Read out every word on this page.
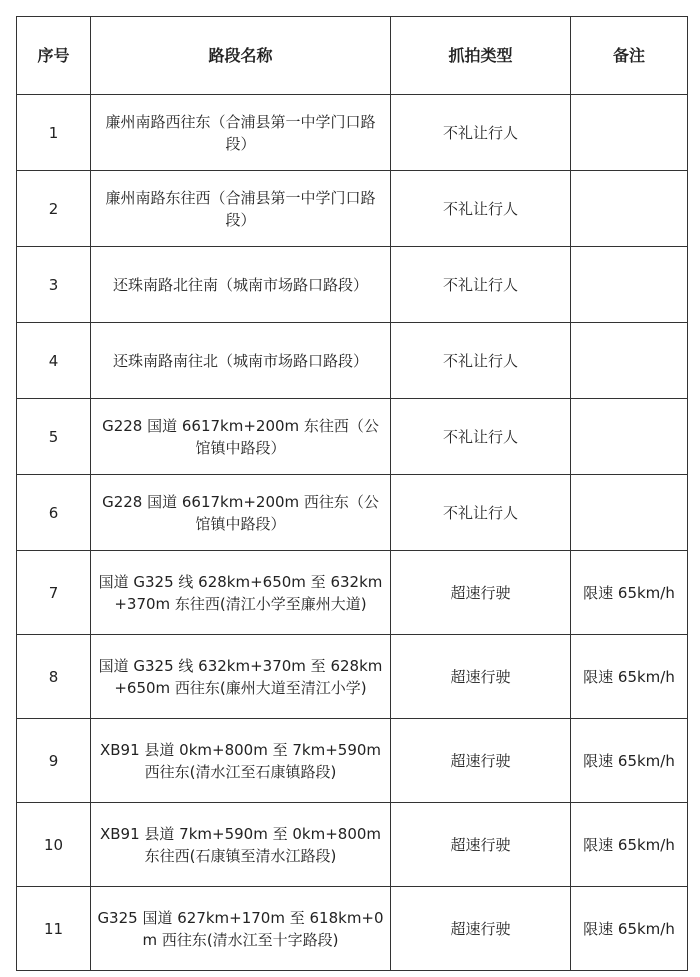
序号	路段名称	抓拍类型	备注
1	廉州南路西往东（合浦县第一中学门口路段）	不礼让行人	
2	廉州南路东往西（合浦县第一中学门口路段）	不礼让行人	
3	还珠南路北往南（城南市场路口路段）	不礼让行人	
4	还珠南路南往北（城南市场路口路段）	不礼让行人	
5	G228 国道 6617km+200m 东往西（公馆镇中路段）	不礼让行人	
6	G228 国道 6617km+200m 西往东（公馆镇中路段）	不礼让行人	
7	国道 G325 线 628km+650m 至 632km+370m 东往西(清江小学至廉州大道)	超速行驶	限速 65km/h
8	国道 G325 线 632km+370m 至 628km+650m 西往东(廉州大道至清江小学)	超速行驶	限速 65km/h
9	XB91 县道 0km+800m 至 7km+590m 西往东(清水江至石康镇路段)	超速行驶	限速 65km/h
10	XB91 县道 7km+590m 至 0km+800m 东往西(石康镇至清水江路段)	超速行驶	限速 65km/h
11	G325 国道 627km+170m 至 618km+0m 西往东(清水江至十字路段)	超速行驶	限速 65km/h
